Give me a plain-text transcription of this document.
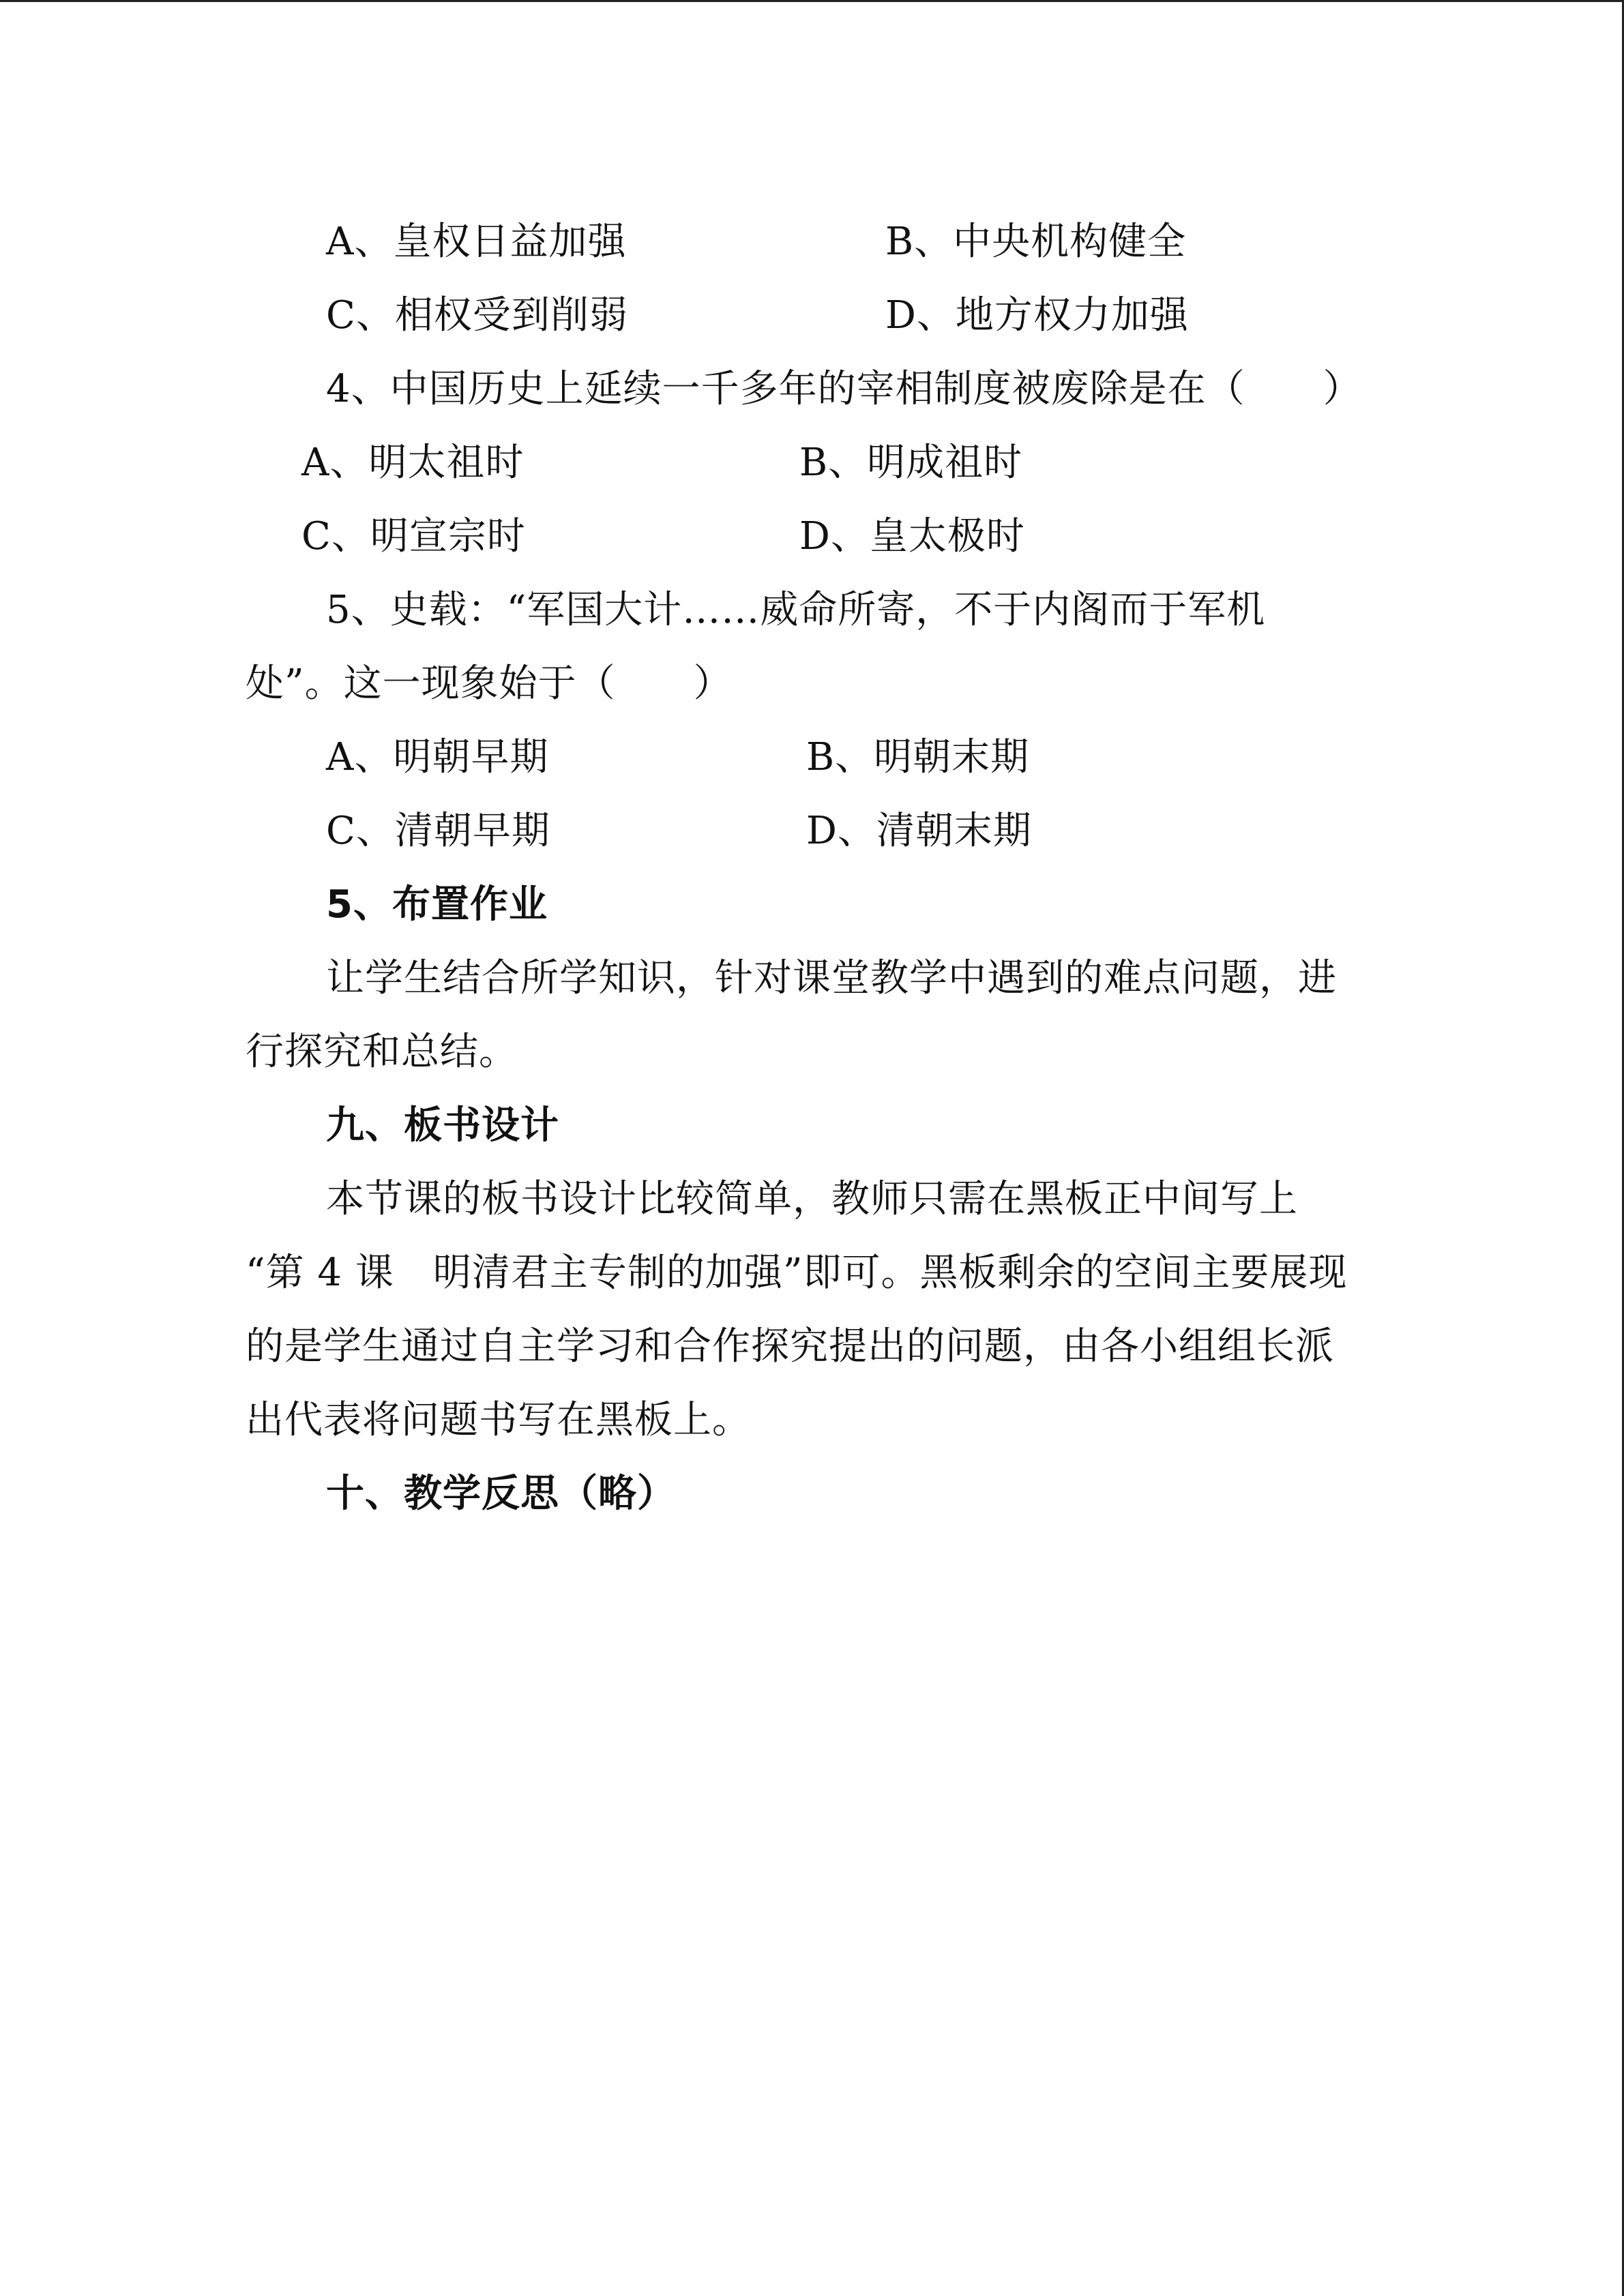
A、皇权日益加强	B、中央机构健全
C、相权受到削弱	D、地方权力加强
4、中国历史上延续一千多年的宰相制度被废除是在（　　）
A、明太祖时	B、明成祖时
C、明宣宗时	D、皇太极时
5、史载：“军国大计……威命所寄，不于内阁而于军机
处”。这一现象始于（　　）
A、明朝早期	B、明朝末期
C、清朝早期	D、清朝末期
5、布置作业
让学生结合所学知识，针对课堂教学中遇到的难点问题，进
行探究和总结。
九、板书设计
本节课的板书设计比较简单，教师只需在黑板正中间写上
“第 4 课　明清君主专制的加强”即可。黑板剩余的空间主要展现
的是学生通过自主学习和合作探究提出的问题，由各小组组长派
出代表将问题书写在黑板上。
十、教学反思（略）
